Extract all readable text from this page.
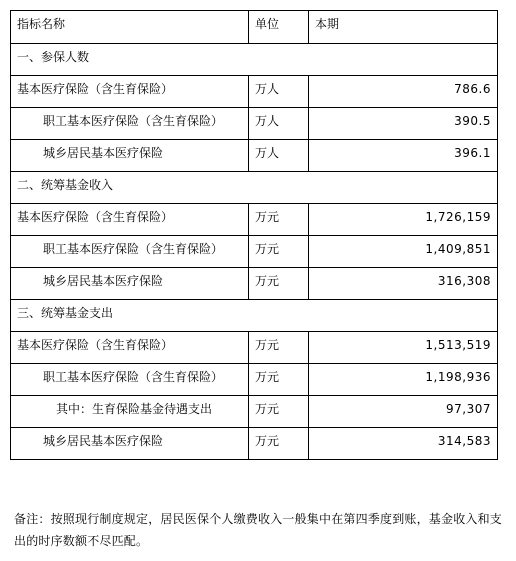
指标名称	单位	本期
一、参保人数		
基本医疗保险（含生育保险）	万人	786.6
职工基本医疗保险（含生育保险）	万人	390.5
城乡居民基本医疗保险	万人	396.1
二、统筹基金收入		
基本医疗保险（含生育保险）	万元	1,726,159
职工基本医疗保险（含生育保险）	万元	1,409,851
城乡居民基本医疗保险	万元	316,308
三、统筹基金支出		
基本医疗保险（含生育保险）	万元	1,513,519
职工基本医疗保险（含生育保险）	万元	1,198,936
其中：生育保险基金待遇支出	万元	97,307
城乡居民基本医疗保险	万元	314,583
备注：按照现行制度规定，居民医保个人缴费收入一般集中在第四季度到账，基金收入和支出的时序数额不尽匹配。
